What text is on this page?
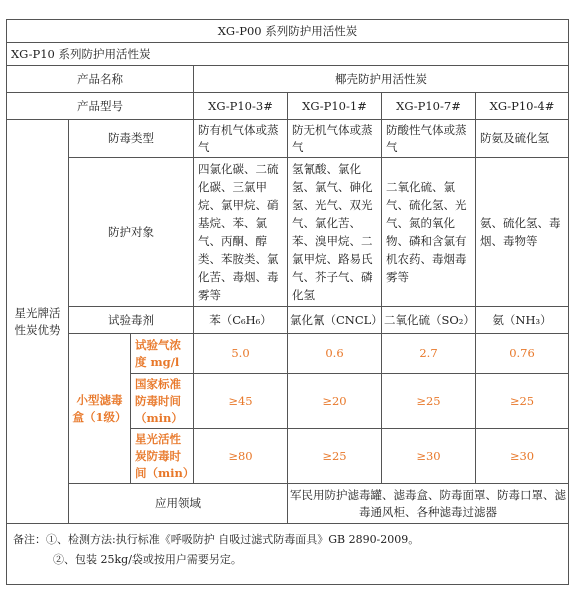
XG-P00 系列防护用活性炭						
XG-P10 系列防护用活性炭						
产品名称			椰壳防护用活性炭			
产品型号			XG-P10-3#	XG-P10-1#	XG-P10-7#	XG-P10-4#
星光牌活性炭优势	防毒类型		防有机气体或蒸气	防无机气体或蒸气	防酸性气体或蒸气	防氨及硫化氢
	防护对象		四氯化碳、二硫化碳、三氯甲烷、氯甲烷、硝基烷、苯、氯气、丙酮、醇类、苯胺类、氯化苦、毒烟、毒雾等	氢氰酸、氯化氢、氯气、砷化氢、光气、双光气、氯化苦、苯、溴甲烷、二氯甲烷、路易氏气、芥子气、磷化氢	二氧化硫、氯气、硫化氢、光气、氮的氧化物、磷和含氯有机农药、毒烟毒雾等	氨、硫化氢、毒烟、毒物等
	试验毒剂		苯（C₆H₆）	氯化氰（CNCL）	二氧化硫（SO₂）	氨（NH₃）
	小型滤毒盒（1级）	试验气浓度 mg/l	5.0	0.6	2.7	0.76
		国家标准防毒时间（min）	≥45	≥20	≥25	≥25
		星光活性炭防毒时间（min）	≥80	≥25	≥30	≥30
	应用领域			军民用防护滤毒罐、滤毒盒、防毒面罩、防毒口罩、滤毒通风柜、各种滤毒过滤器		

备注：①、检测方法:执行标准《呼吸防护 自吸过滤式防毒面具》GB 2890-2009。
②、包装 25kg/袋或按用户需要另定。						
